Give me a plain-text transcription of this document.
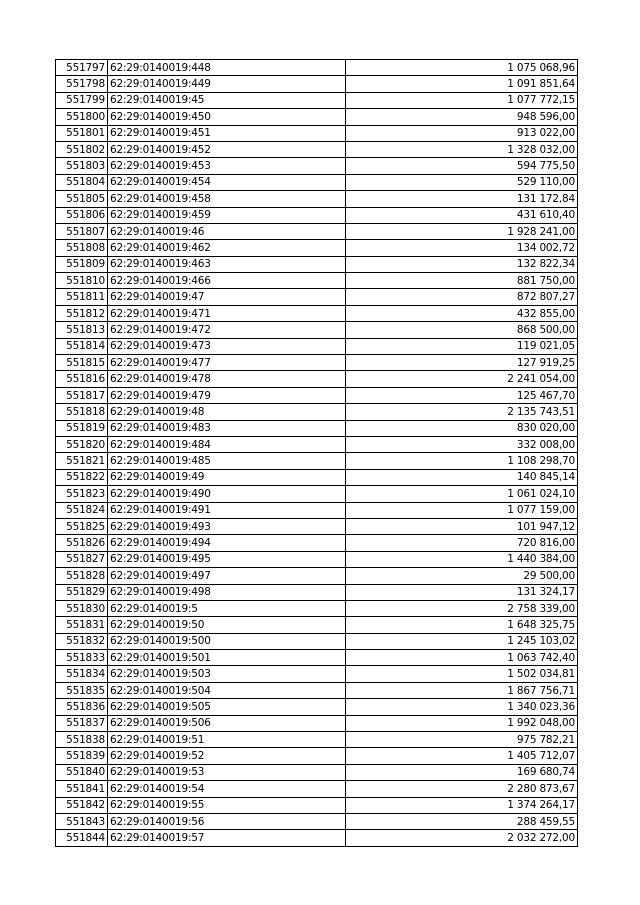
551797	62:29:0140019:448	1 075 068,96
551798	62:29:0140019:449	1 091 851,64
551799	62:29:0140019:45	1 077 772,15
551800	62:29:0140019:450	948 596,00
551801	62:29:0140019:451	913 022,00
551802	62:29:0140019:452	1 328 032,00
551803	62:29:0140019:453	594 775,50
551804	62:29:0140019:454	529 110,00
551805	62:29:0140019:458	131 172,84
551806	62:29:0140019:459	431 610,40
551807	62:29:0140019:46	1 928 241,00
551808	62:29:0140019:462	134 002,72
551809	62:29:0140019:463	132 822,34
551810	62:29:0140019:466	881 750,00
551811	62:29:0140019:47	872 807,27
551812	62:29:0140019:471	432 855,00
551813	62:29:0140019:472	868 500,00
551814	62:29:0140019:473	119 021,05
551815	62:29:0140019:477	127 919,25
551816	62:29:0140019:478	2 241 054,00
551817	62:29:0140019:479	125 467,70
551818	62:29:0140019:48	2 135 743,51
551819	62:29:0140019:483	830 020,00
551820	62:29:0140019:484	332 008,00
551821	62:29:0140019:485	1 108 298,70
551822	62:29:0140019:49	140 845,14
551823	62:29:0140019:490	1 061 024,10
551824	62:29:0140019:491	1 077 159,00
551825	62:29:0140019:493	101 947,12
551826	62:29:0140019:494	720 816,00
551827	62:29:0140019:495	1 440 384,00
551828	62:29:0140019:497	29 500,00
551829	62:29:0140019:498	131 324,17
551830	62:29:0140019:5	2 758 339,00
551831	62:29:0140019:50	1 648 325,75
551832	62:29:0140019:500	1 245 103,02
551833	62:29:0140019:501	1 063 742,40
551834	62:29:0140019:503	1 502 034,81
551835	62:29:0140019:504	1 867 756,71
551836	62:29:0140019:505	1 340 023,36
551837	62:29:0140019:506	1 992 048,00
551838	62:29:0140019:51	975 782,21
551839	62:29:0140019:52	1 405 712,07
551840	62:29:0140019:53	169 680,74
551841	62:29:0140019:54	2 280 873,67
551842	62:29:0140019:55	1 374 264,17
551843	62:29:0140019:56	288 459,55
551844	62:29:0140019:57	2 032 272,00
